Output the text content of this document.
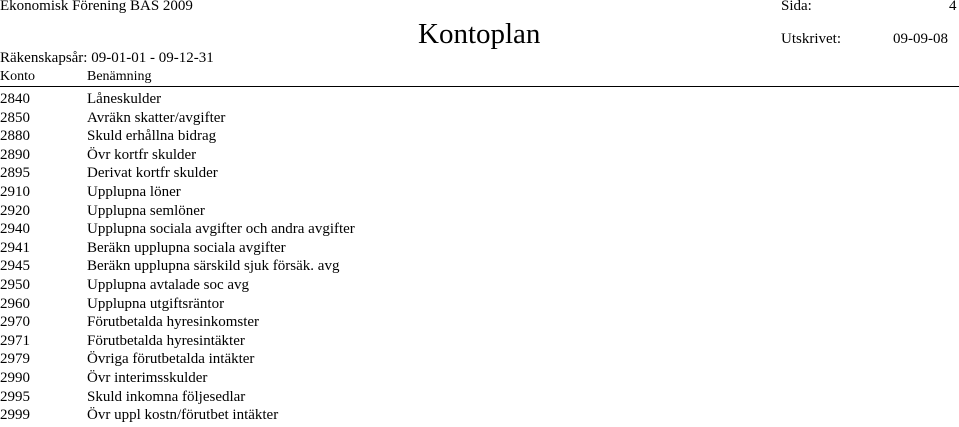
Ekonomisk Förening BAS 2009	Sida:	4
Kontoplan
Räkenskapsår: 09-01-01 - 09-12-31
Utskrivet:	09-09-08
Konto	Benämning
2840	Låneskulder
2850	Avräkn skatter/avgifter
2880	Skuld erhållna bidrag
2890	Övr kortfr skulder
2895	Derivat kortfr skulder
2910	Upplupna löner
2920	Upplupna semlöner
2940	Upplupna sociala avgifter och andra avgifter
2941	Beräkn upplupna sociala avgifter
2945	Beräkn upplupna särskild sjuk försäk. avg
2950	Upplupna avtalade soc avg
2960	Upplupna utgiftsräntor
2970	Förutbetalda hyresinkomster
2971	Förutbetalda hyresintäkter
2979	Övriga förutbetalda intäkter
2990	Övr interimsskulder
2995	Skuld inkomna följesedlar
2999	Övr uppl kostn/förutbet intäkter
